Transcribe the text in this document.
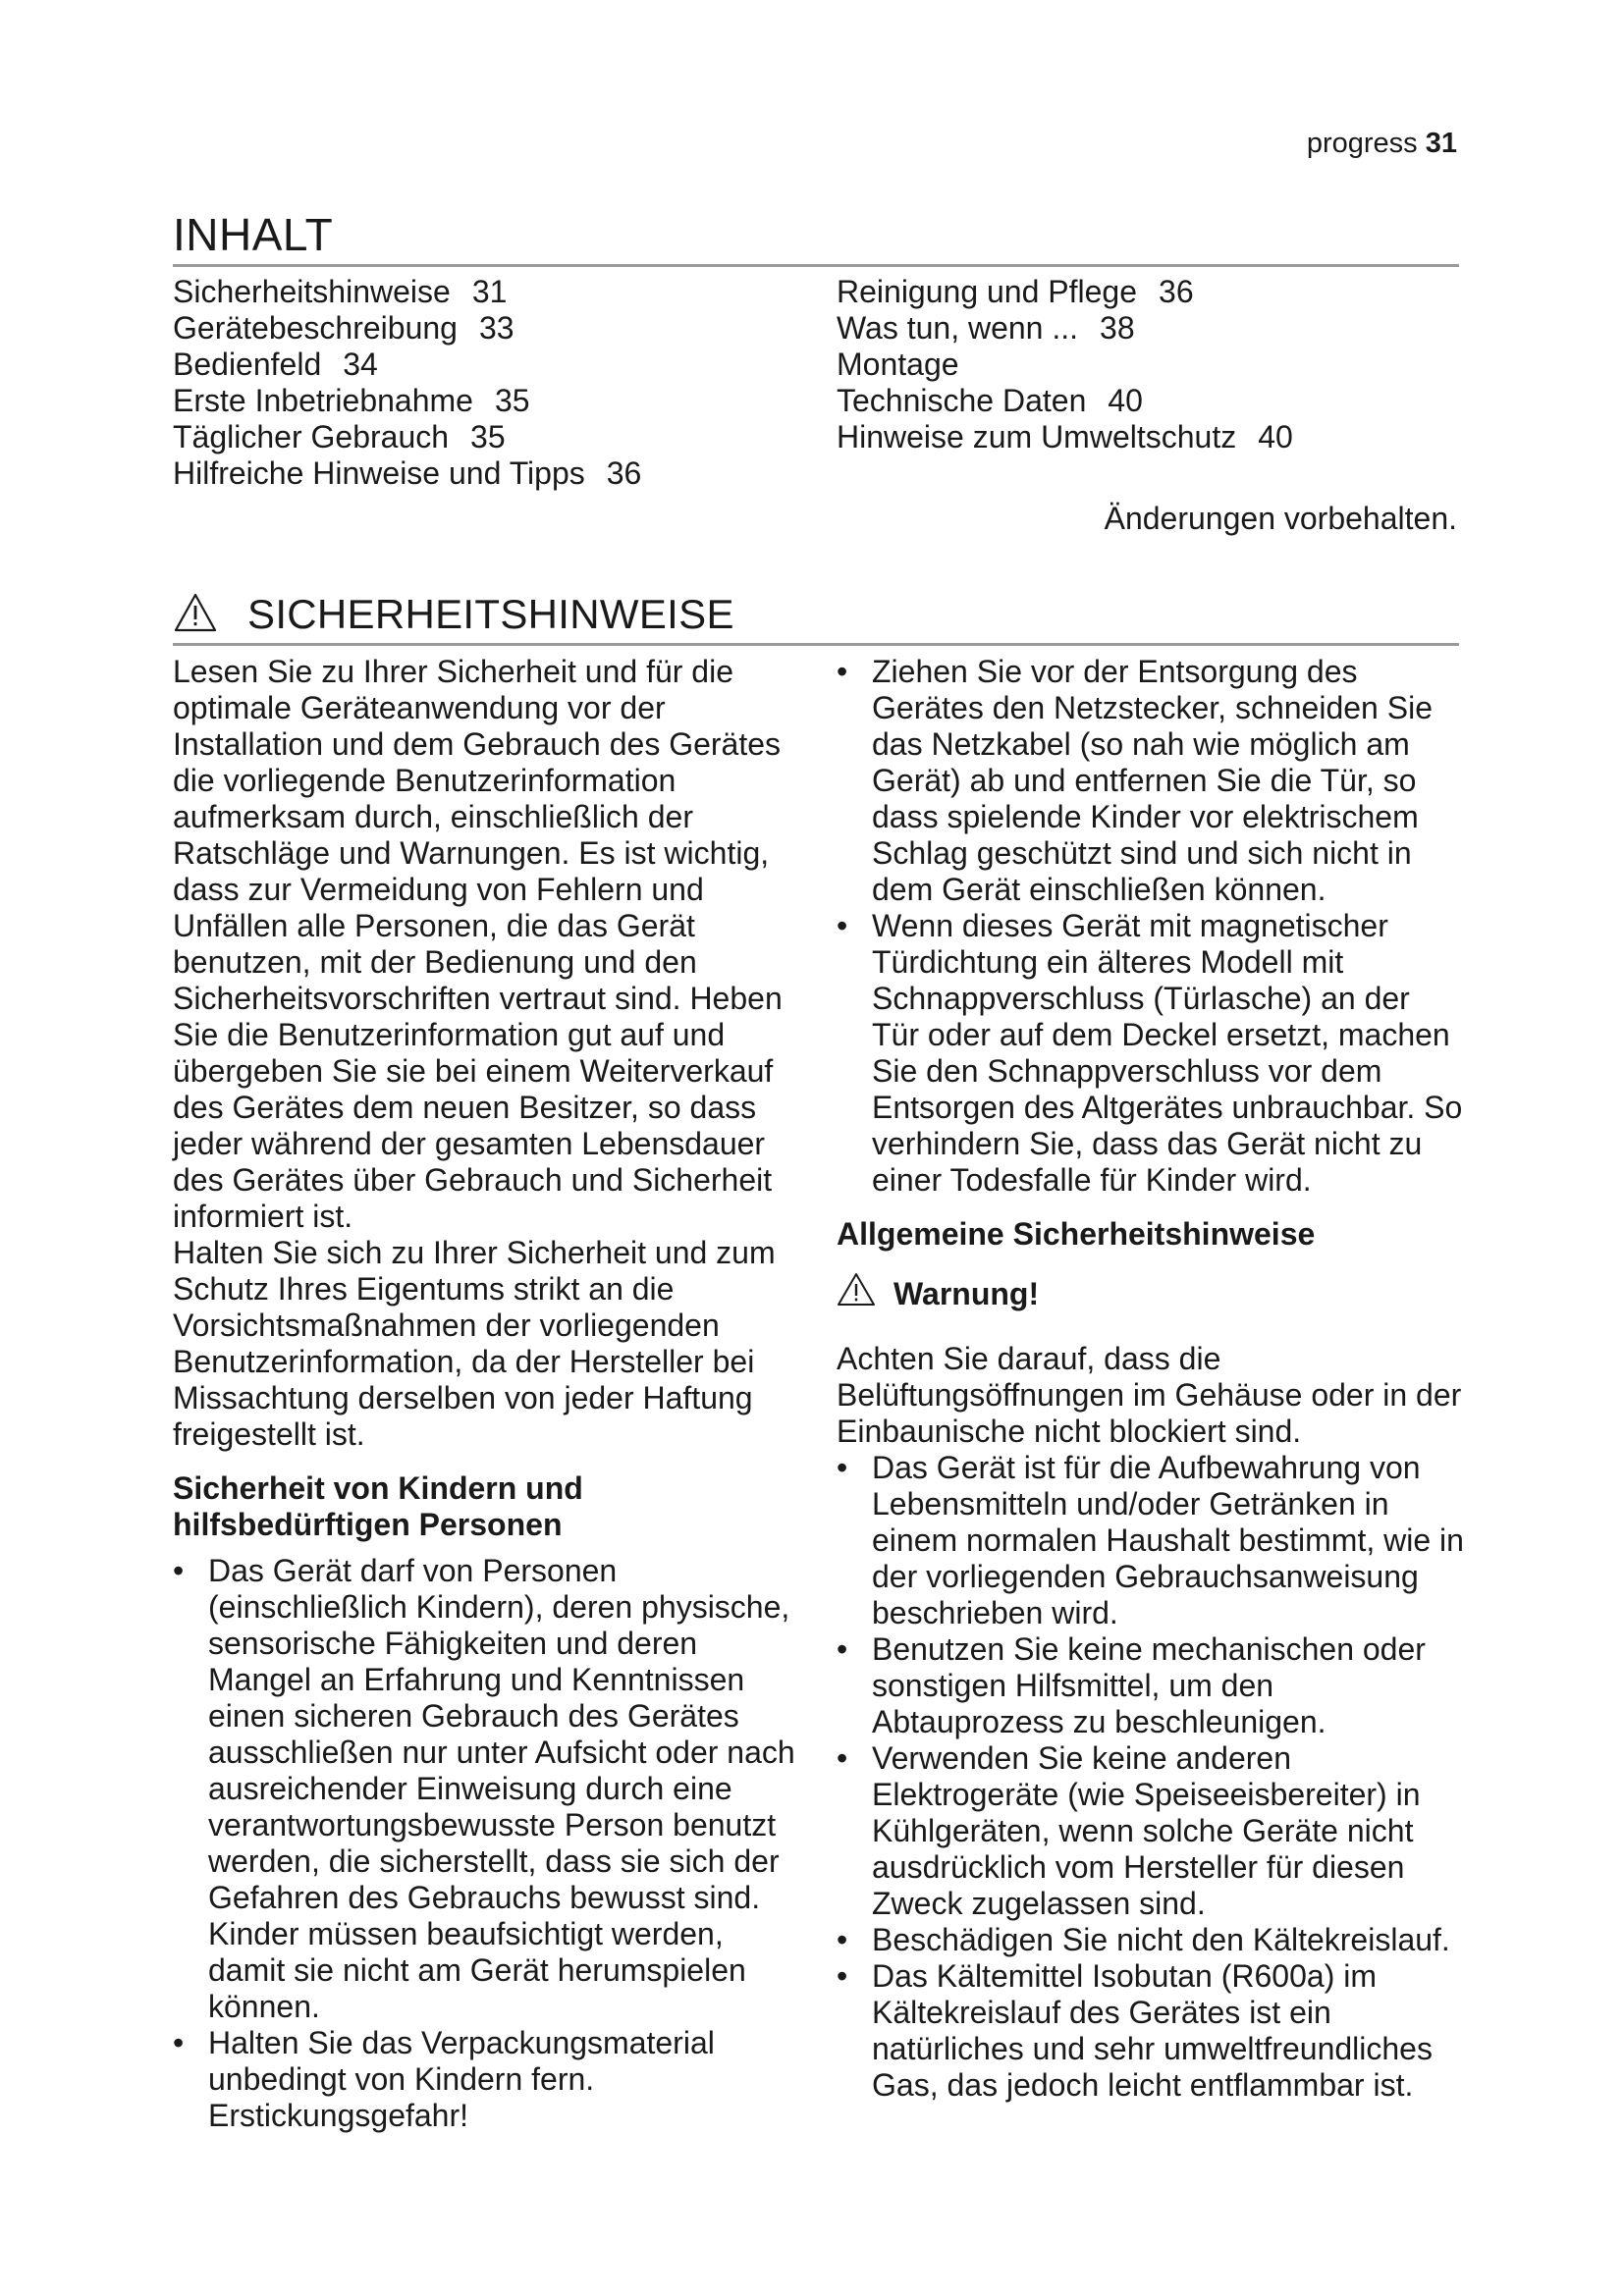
progress 31
INHALT
Sicherheitshinweise 31
Gerätebeschreibung 33
Bedienfeld 34
Erste Inbetriebnahme 35
Täglicher Gebrauch 35
Hilfreiche Hinweise und Tipps 36
Reinigung und Pflege 36
Was tun, wenn ... 38
Montage
Technische Daten 40
Hinweise zum Umweltschutz 40
Änderungen vorbehalten.
SICHERHEITSHINWEISE

Lesen Sie zu Ihrer Sicherheit und für die optimale Geräteanwendung vor der Installation und dem Gebrauch des Gerätes die vorliegende Benutzerinformation aufmerksam durch, einschließlich der Ratschläge und Warnungen. Es ist wichtig, dass zur Vermeidung von Fehlern und Unfällen alle Personen, die das Gerät benutzen, mit der Bedienung und den Sicherheitsvorschriften vertraut sind. Heben Sie die Benutzerinformation gut auf und übergeben Sie sie bei einem Weiterverkauf des Gerätes dem neuen Besitzer, so dass jeder während der gesamten Lebensdauer des Gerätes über Gebrauch und Sicherheit informiert ist.

Halten Sie sich zu Ihrer Sicherheit und zum Schutz Ihres Eigentums strikt an die Vorsichtsmaßnahmen der vorliegenden Benutzerinformation, da der Hersteller bei Missachtung derselben von jeder Haftung freigestellt ist.

Sicherheit von Kindern und hilfsbedürftigen Personen

• Das Gerät darf von Personen (einschließlich Kindern), deren physische, sensorische Fähigkeiten und deren Mangel an Erfahrung und Kenntnissen einen sicheren Gebrauch des Gerätes ausschließen nur unter Aufsicht oder nach ausreichender Einweisung durch eine verantwortungsbewusste Person benutzt werden, die sicherstellt, dass sie sich der Gefahren des Gebrauchs bewusst sind. Kinder müssen beaufsichtigt werden, damit sie nicht am Gerät herumspielen können.

• Halten Sie das Verpackungsmaterial unbedingt von Kindern fern. Erstickungsgefahr!

• Ziehen Sie vor der Entsorgung des Gerätes den Netzstecker, schneiden Sie das Netzkabel (so nah wie möglich am Gerät) ab und entfernen Sie die Tür, so dass spielende Kinder vor elektrischem Schlag geschützt sind und sich nicht in dem Gerät einschließen können.

• Wenn dieses Gerät mit magnetischer Türdichtung ein älteres Modell mit Schnappverschluss (Türlasche) an der Tür oder auf dem Deckel ersetzt, machen Sie den Schnappverschluss vor dem Entsorgen des Altgerätes unbrauchbar. So verhindern Sie, dass das Gerät nicht zu einer Todesfalle für Kinder wird.

Allgemeine Sicherheitshinweise
Warnung!

Achten Sie darauf, dass die Belüftungsöffnungen im Gehäuse oder in der Einbaunische nicht blockiert sind.

• Das Gerät ist für die Aufbewahrung von Lebensmitteln und/oder Getränken in einem normalen Haushalt bestimmt, wie in der vorliegenden Gebrauchsanweisung beschrieben wird.

• Benutzen Sie keine mechanischen oder sonstigen Hilfsmittel, um den Abtauprozess zu beschleunigen.

• Verwenden Sie keine anderen Elektrogeräte (wie Speiseeisbereiter) in Kühlgeräten, wenn solche Geräte nicht ausdrücklich vom Hersteller für diesen Zweck zugelassen sind.

• Beschädigen Sie nicht den Kältekreislauf.

• Das Kältemittel Isobutan (R600a) im Kältekreislauf des Gerätes ist ein natürliches und sehr umweltfreundliches Gas, das jedoch leicht entflammbar ist.
